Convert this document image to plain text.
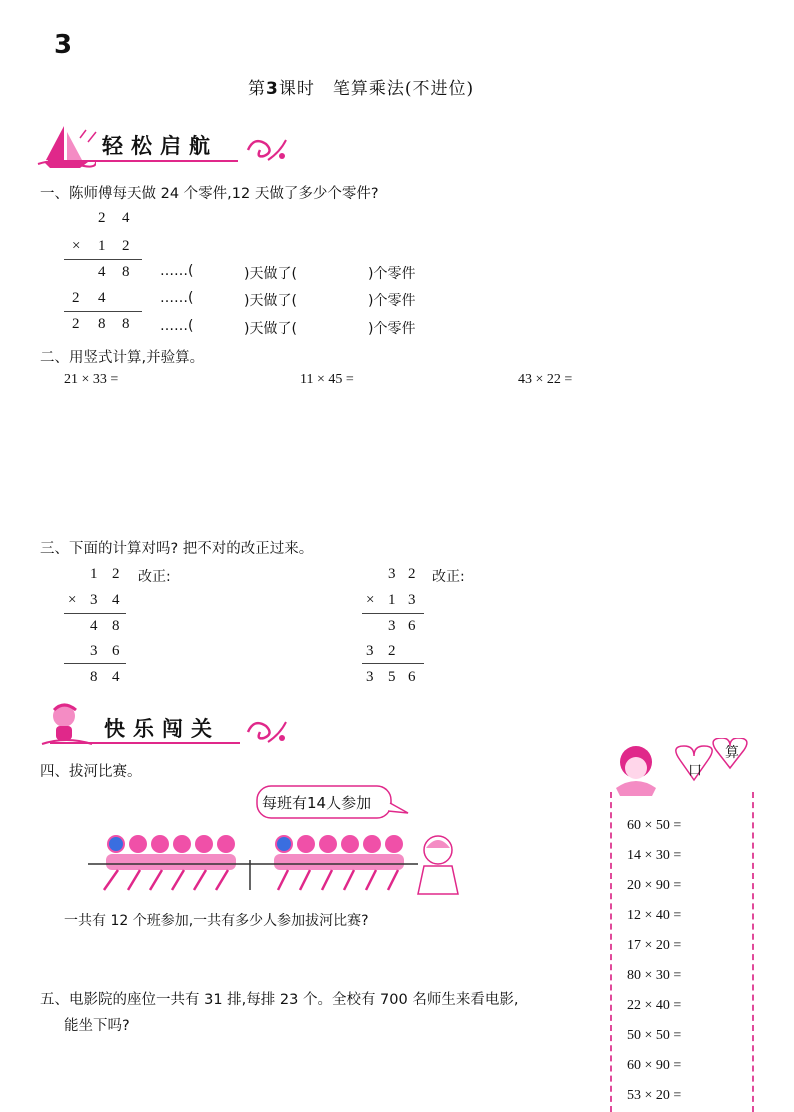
3
第3课时　笔算乘法(不进位)
轻松启航
一、陈师傅每天做 24 个零件,12 天做了多少个零件?
2 4
× 1 2
4 8
2 4
2 8 8
……(	)天做了(	)个零件
……(	)天做了(	)个零件
……(	)天做了(	)个零件
二、用竖式计算,并验算。
21 × 33 =	11 × 45 =	43 × 22 =
三、下面的计算对吗? 把不对的改正过来。
1 2
× 3 4
4 8
3 6
8 4
改正:	3 2
× 1 3
3 6
3 2
3 5 6
改正:
快乐闯关
四、拔河比赛。
每班有14人参加
一共有 12 个班参加,一共有多少人参加拔河比赛?
五、电影院的座位一共有 31 排,每排 23 个。全校有 700 名师生来看电影,
能坐下吗?
口
算
60 × 50 =
14 × 30 =
20 × 90 =
12 × 40 =
17 × 20 =
80 × 30 =
22 × 40 =
50 × 50 =
60 × 90 =
53 × 20 =
